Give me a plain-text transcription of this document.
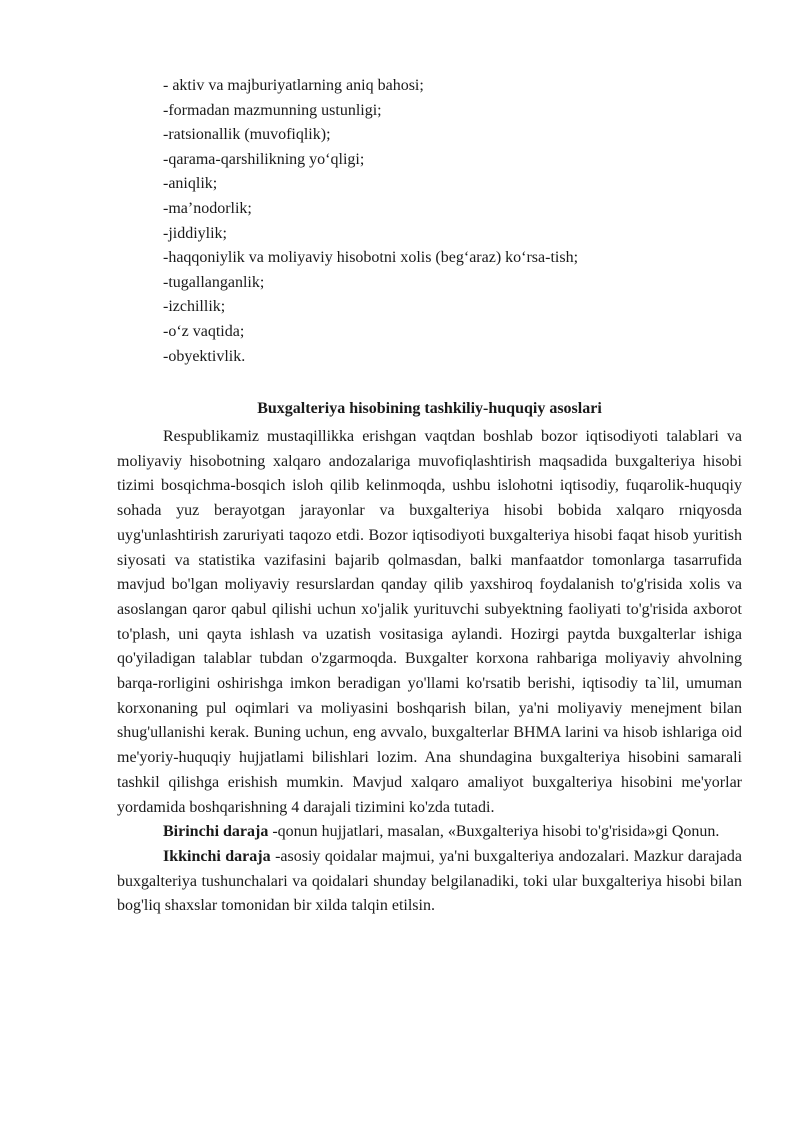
- aktiv va majburiyatlarning aniq bahosi;
-formadan mazmunning ustunligi;
-ratsionallik (muvofiqlik);
-qarama-qarshilikning yo‘qligi;
-aniqlik;
-ma’nodorlik;
-jiddiylik;
-haqqoniylik va moliyaviy hisobotni xolis (beg‘araz) ko‘rsa-tish;
-tugallanganlik;
-izchillik;
-o‘z vaqtida;
-obyektivlik.
Buxgalteriya hisobining tashkiliy-huquqiy asoslari

Respublikamiz mustaqillikka erishgan vaqtdan boshlab bozor iqtisodiyoti talablari va moliyaviy hisobotning xalqaro andozalariga muvofiqlashtirish maqsadida buxgalteriya hisobi tizimi bosqichma-bosqich isloh qilib kelinmoqda, ushbu islohotni iqtisodiy, fuqarolik-huquqiy sohada yuz berayotgan jarayonlar va buxgalteriya hisobi bobida xalqaro rniqyosda uyg'unlashtirish zaruriyati taqozo etdi. Bozor iqtisodiyoti buxgalteriya hisobi faqat hisob yuritish siyosati va statistika vazifasini bajarib qolmasdan, balki manfaatdor tomonlarga tasarrufida mavjud bo'lgan moliyaviy resurslardan qanday qilib yaxshiroq foydalanish to'g'risida xolis va asoslangan qaror qabul qilishi uchun xo'jalik yurituvchi subyektning faoliyati to'g'risida axborot to'plash, uni qayta ishlash va uzatish vositasiga aylandi. Hozirgi paytda buxgalterlar ishiga qo'yiladigan talablar tubdan o'zgarmoqda. Buxgalter korxona rahbariga moliyaviy ahvolning barqa-rorligini oshirishga imkon beradigan yo'llami ko'rsatib berishi, iqtisodiy ta`lil, umuman korxonaning pul oqimlari va moliyasini boshqarish bilan, ya'ni moliyaviy menejment bilan shug'ullanishi kerak. Buning uchun, eng avvalo, buxgalterlar BHMA larini va hisob ishlariga oid me'yoriy-huquqiy hujjatlami bilishlari lozim. Ana shundagina buxgalteriya hisobini samarali tashkil qilishga erishish mumkin. Mavjud xalqaro amaliyot buxgalteriya hisobini me'yorlar yordamida boshqarishning 4 darajali tizimini ko'zda tutadi.

Birinchi daraja -qonun hujjatlari, masalan, «Buxgalteriya hisobi to'g'risida»gi Qonun.

Ikkinchi daraja -asosiy qoidalar majmui, ya'ni buxgalteriya andozalari. Mazkur darajada buxgalteriya tushunchalari va qoidalari shunday belgilanadiki, toki ular buxgalteriya hisobi bilan bog'liq shaxslar tomonidan bir xilda talqin etilsin.
